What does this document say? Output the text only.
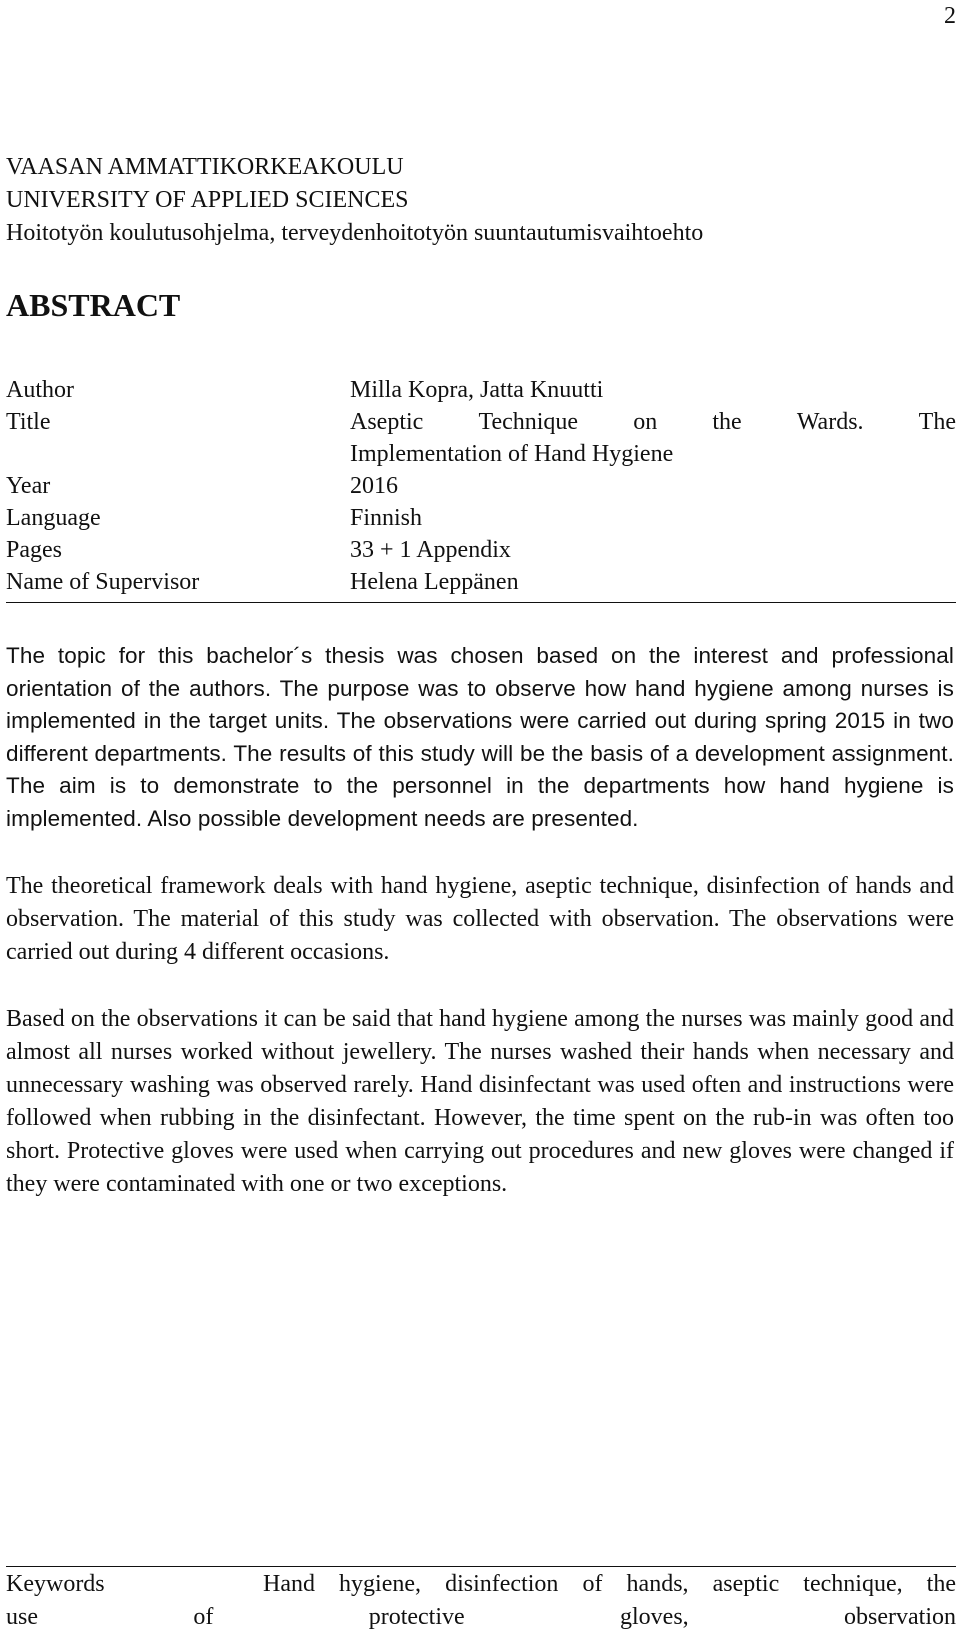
2
VAASAN AMMATTIKORKEAKOULU
UNIVERSITY OF APPLIED SCIENCES
Hoitotyön koulutusohjelma, terveydenhoitotyön suuntautumisvaihtoehto
ABSTRACT
Author	Milla Kopra, Jatta Knuutti
Title	Aseptic Technique on the Wards. The
Implementation of Hand Hygiene
Year	2016
Language	Finnish
Pages	33 + 1 Appendix
Name of Supervisor	Helena Leppänen

The topic for this bachelor´s thesis was chosen based on the interest and professional orientation of the authors. The purpose was to observe how hand hygiene among nurses is implemented in the target units. The observations were carried out during spring 2015 in two different departments. The results of this study will be the basis of a development assignment. The aim is to demonstrate to the personnel in the departments how hand hygiene is implemented. Also possible development needs are presented.

The theoretical framework deals with hand hygiene, aseptic technique, disinfection of hands and observation. The material of this study was collected with observation. The observations were carried out during 4 different occasions.

Based on the observations it can be said that hand hygiene among the nurses was mainly good and almost all nurses worked without jewellery. The nurses washed their hands when necessary and unnecessary washing was observed rarely. Hand disinfectant was used often and instructions were followed when rubbing in the disinfectant. However, the time spent on the rub-in was often too short. Protective gloves were used when carrying out procedures and new gloves were changed if they were contaminated with one or two exceptions.

Keywords	Hand hygiene, disinfection of hands, aseptic technique, the
use of protective gloves, observation
